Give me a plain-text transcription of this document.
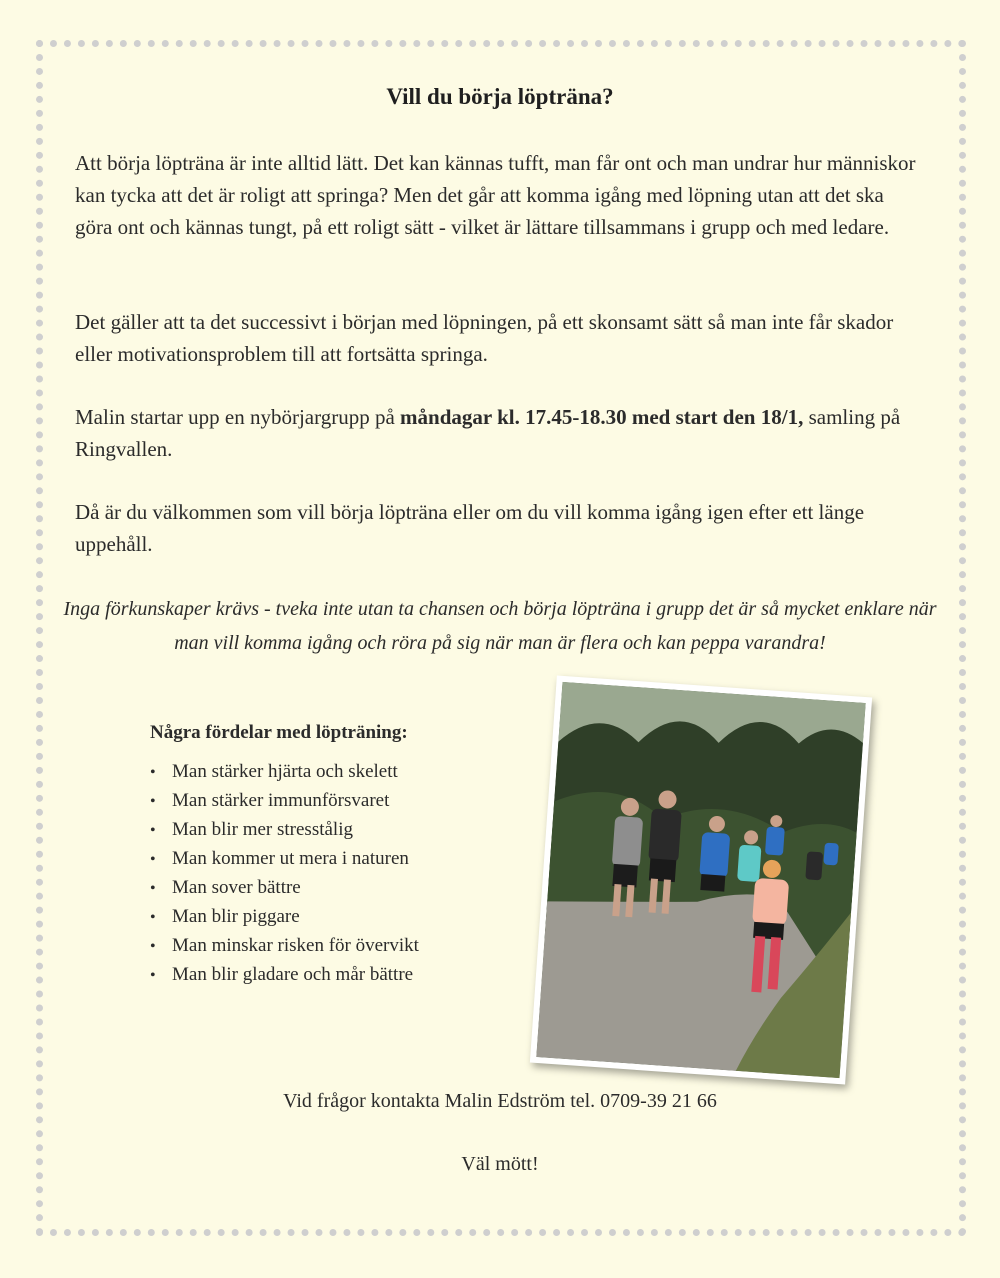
Vill du börja löpträna?

Att börja löpträna är inte alltid lätt. Det kan kännas tufft, man får ont och man undrar hur människor kan tycka att det är roligt att springa? Men det går att komma igång med löpning utan att det ska göra ont och kännas tungt, på ett roligt sätt - vilket är lättare tillsammans i grupp och med ledare.

Det gäller att ta det successivt i början med löpningen, på ett skonsamt sätt så man inte får skador eller motivationsproblem till att fortsätta springa.

Malin startar upp en nybörjargrupp på måndagar kl. 17.45-18.30 med start den 18/1, samling på Ringvallen.

Då är du välkommen som vill börja löpträna eller om du vill komma igång igen efter ett länge uppehåll.

Inga förkunskaper krävs - tveka inte utan ta chansen och börja löpträna i grupp det är så mycket enklare när man vill komma igång och röra på sig när man är flera och kan peppa varandra!

Några fördelar med löpträning:
• Man stärker hjärta och skelett
• Man stärker immunförsvaret
• Man blir mer stresstålig
• Man kommer ut mera i naturen
• Man sover bättre
• Man blir piggare
• Man minskar risken för övervikt
• Man blir gladare och mår bättre
Vid frågor kontakta Malin Edström tel. 0709-39 21 66
Väl mött!
